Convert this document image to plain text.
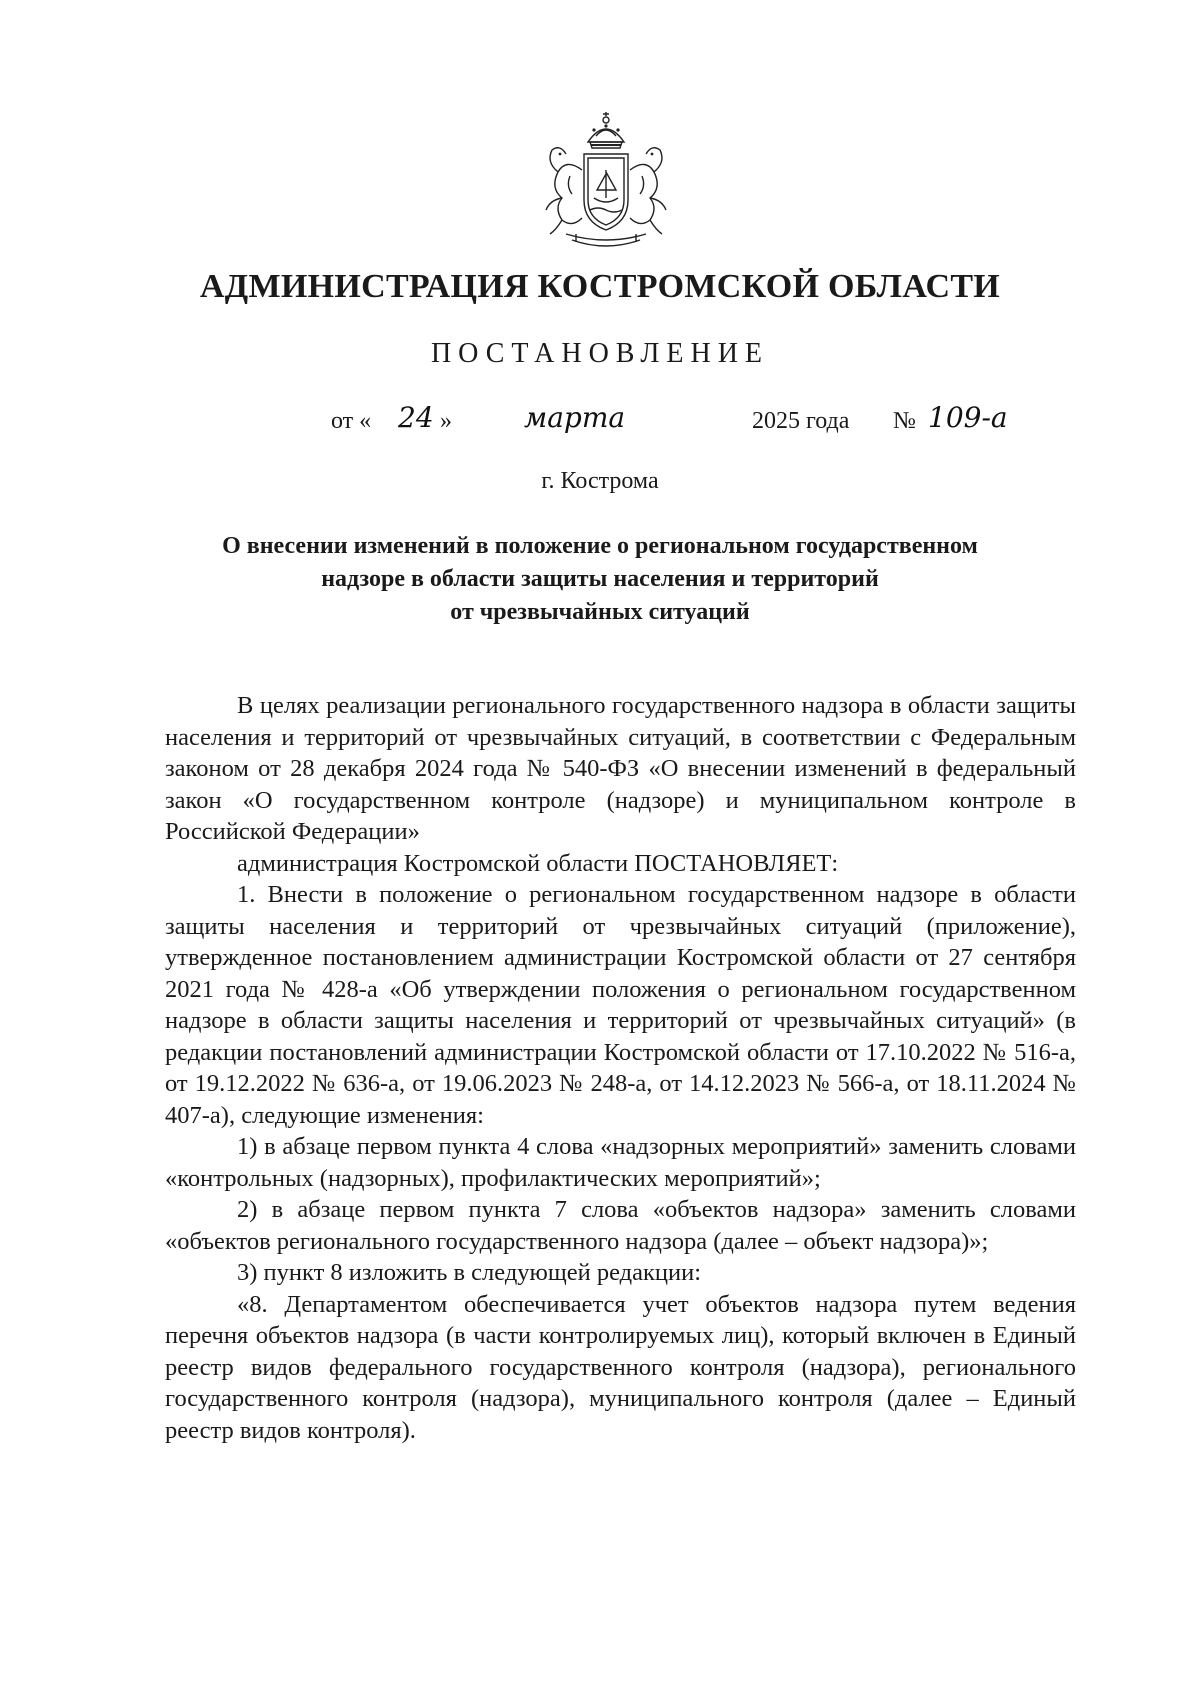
АДМИНИСТРАЦИЯ КОСТРОМСКОЙ ОБЛАСТИ
ПОСТАНОВЛЕНИЕ
от « 24 »	марта	2025 года № 109-а
г. Кострома
О внесении изменений в положение о региональном государственном
надзоре в области защиты населения и территорий
от чрезвычайных ситуаций

В целях реализации регионального государственного надзора в области защиты населения и территорий от чрезвычайных ситуаций, в соответствии с Федеральным законом от 28 декабря 2024 года № 540-ФЗ «О внесении изменений в федеральный закон «О государственном контроле (надзоре) и муниципальном контроле в Российской Федерации»

администрация Костромской области ПОСТАНОВЛЯЕТ:

1. Внести в положение о региональном государственном надзоре в области защиты населения и территорий от чрезвычайных ситуаций (приложение), утвержденное постановлением администрации Костромской области от 27 сентября 2021 года № 428-а «Об утверждении положения о региональном государственном надзоре в области защиты населения и территорий от чрезвычайных ситуаций» (в редакции постановлений администрации Костромской области от 17.10.2022 № 516-а, от 19.12.2022 № 636-а, от 19.06.2023 № 248-а, от 14.12.2023 № 566-а, от 18.11.2024 № 407-а), следующие изменения:

1) в абзаце первом пункта 4 слова «надзорных мероприятий» заменить словами «контрольных (надзорных), профилактических мероприятий»;

2) в абзаце первом пункта 7 слова «объектов надзора» заменить словами «объектов регионального государственного надзора (далее – объект надзора)»;

3) пункт 8 изложить в следующей редакции:

«8. Департаментом обеспечивается учет объектов надзора путем ведения перечня объектов надзора (в части контролируемых лиц), который включен в Единый реестр видов федерального государственного контроля (надзора), регионального государственного контроля (надзора), муниципального контроля (далее – Единый реестр видов контроля).
